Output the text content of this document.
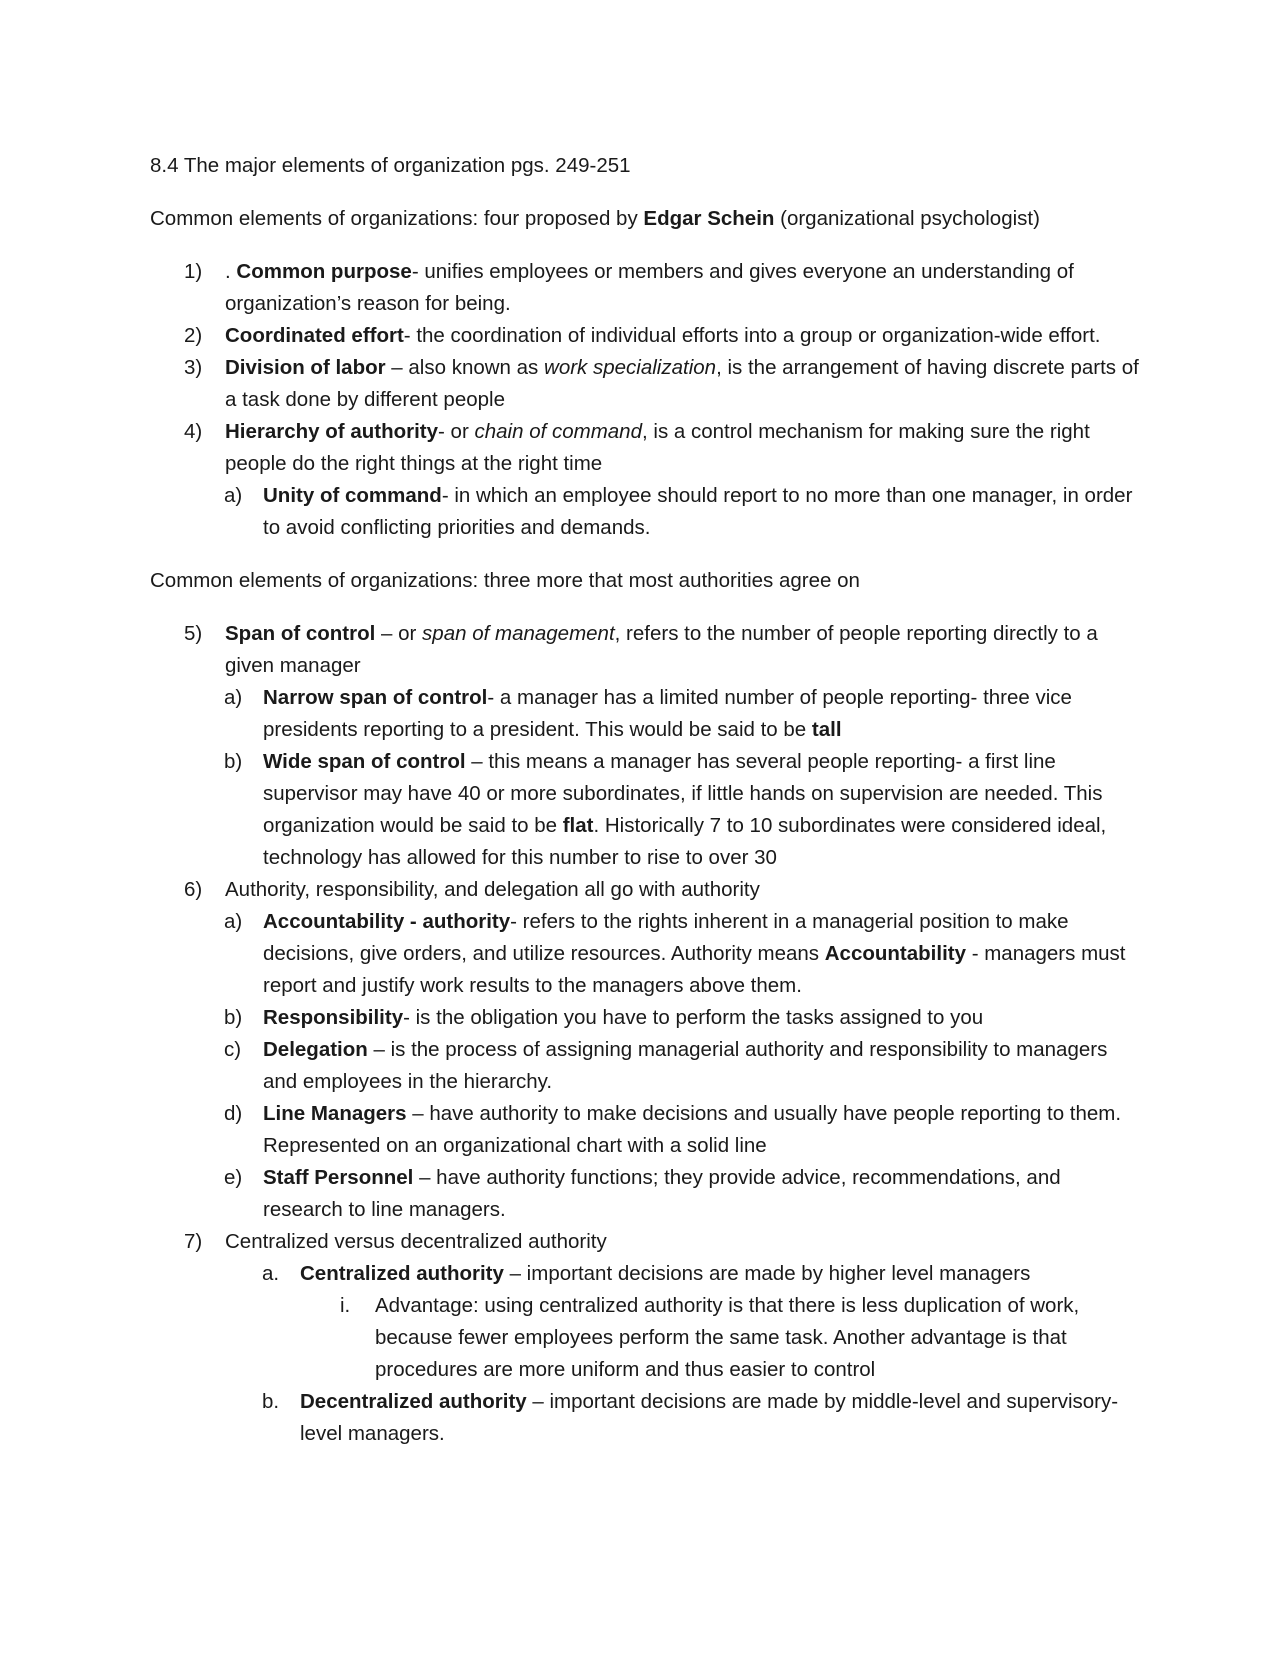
8.4 The major elements of organization pgs. 249-251

Common elements of organizations: four proposed by Edgar Schein (organizational psychologist)

1) . Common purpose- unifies employees or members and gives everyone an understanding of organization’s reason for being.
2) Coordinated effort- the coordination of individual efforts into a group or organization-wide effort.
3) Division of labor – also known as work specialization, is the arrangement of having discrete parts of a task done by different people
4) Hierarchy of authority- or chain of command, is a control mechanism for making sure the right people do the right things at the right time
a) Unity of command- in which an employee should report to no more than one manager, in order to avoid conflicting priorities and demands.

Common elements of organizations: three more that most authorities agree on

5) Span of control – or span of management, refers to the number of people reporting directly to a given manager
a) Narrow span of control- a manager has a limited number of people reporting- three vice presidents reporting to a president. This would be said to be tall
b) Wide span of control – this means a manager has several people reporting- a first line supervisor may have 40 or more subordinates, if little hands on supervision are needed. This organization would be said to be flat. Historically 7 to 10 subordinates were considered ideal, technology has allowed for this number to rise to over 30
6) Authority, responsibility, and delegation all go with authority
a) Accountability - authority- refers to the rights inherent in a managerial position to make decisions, give orders, and utilize resources. Authority means Accountability - managers must report and justify work results to the managers above them.
b) Responsibility- is the obligation you have to perform the tasks assigned to you
c) Delegation – is the process of assigning managerial authority and responsibility to managers and employees in the hierarchy.
d) Line Managers – have authority to make decisions and usually have people reporting to them. Represented on an organizational chart with a solid line
e) Staff Personnel – have authority functions; they provide advice, recommendations, and research to line managers.
7) Centralized versus decentralized authority
a. Centralized authority – important decisions are made by higher level managers
i. Advantage: using centralized authority is that there is less duplication of work, because fewer employees perform the same task. Another advantage is that procedures are more uniform and thus easier to control
b. Decentralized authority – important decisions are made by middle-level and supervisory-level managers.
